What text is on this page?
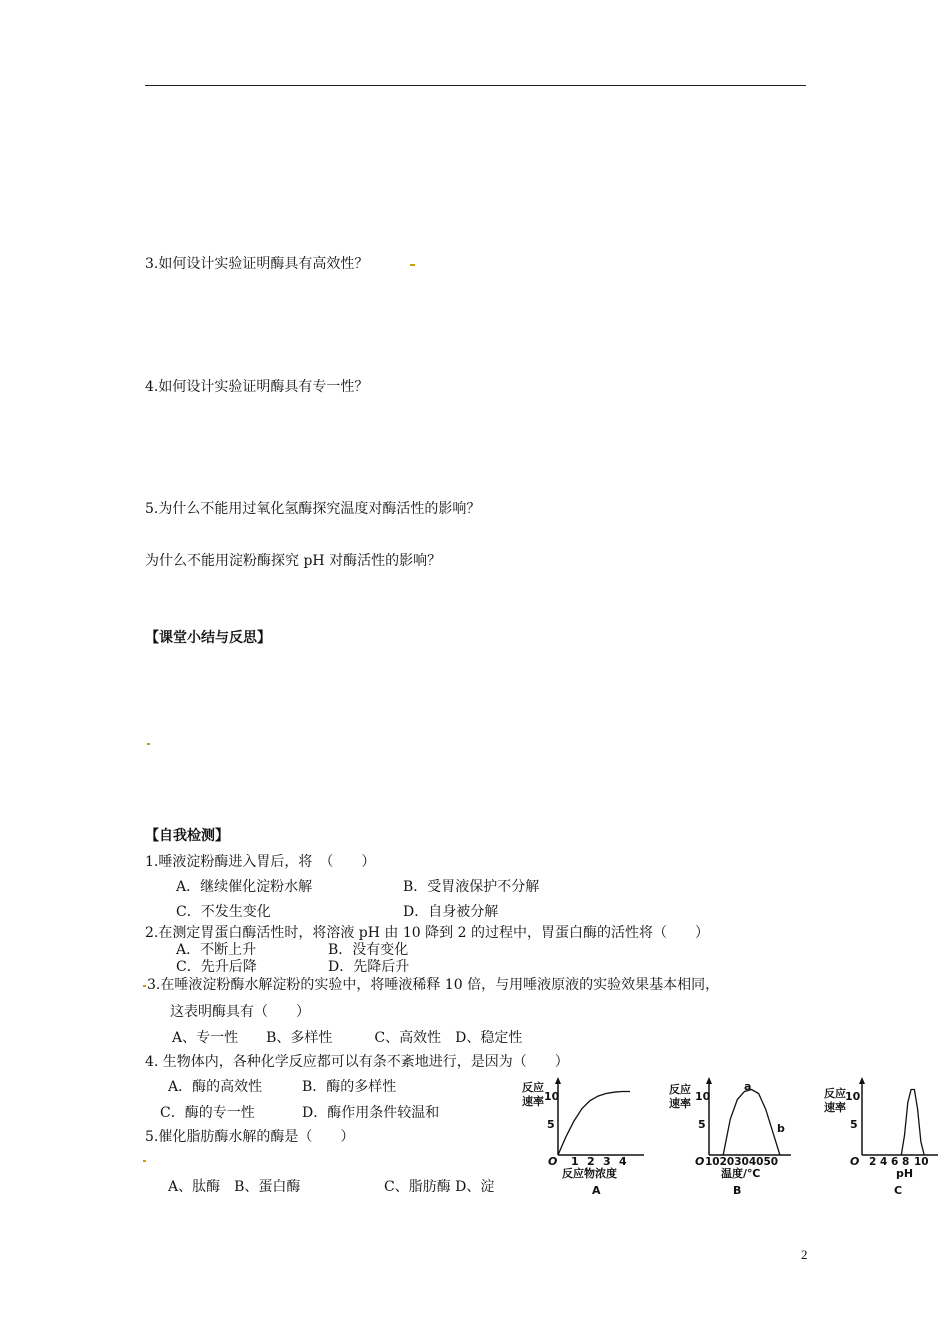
3.如何设计实验证明酶具有高效性？
4.如何设计实验证明酶具有专一性？
5.为什么不能用过氧化氢酶探究温度对酶活性的影响？
为什么不能用淀粉酶探究 pH 对酶活性的影响？
【课堂小结与反思】
【自我检测】
1.唾液淀粉酶进入胃后，将　（　　）
A．继续催化淀粉水解	B．受胃液保护不分解
C．不发生变化	D．自身被分解
2.在测定胃蛋白酶活性时，将溶液 pH 由 10 降到 2 的过程中，胃蛋白酶的活性将（　　）
A．不断上升	B．没有变化
C．先升后降	D．先降后升
3.在唾液淀粉酶水解淀粉的实验中，将唾液稀释 10 倍，与用唾液原液的实验效果基本相同，
这表明酶具有（　　）
A、专一性　　B、多样性　　　C、高效性　D、稳定性
4. 生物体内，各种化学反应都可以有条不紊地进行，是因为（　　）
A．酶的高效性	B．酶的多样性
C．酶的专一性	D．酶作用条件较温和
5.催化脂肪酶水解的酶是（　　）
A、肽酶　B、蛋白酶	C、脂肪酶 D、淀
反应
速率 10
5
O 1 2 3 4
反应物浓度
A
反应
速率
10
5
O 1020304050
a
b
温度/℃
B
反应
速率
10
5
O 2 4 6 8 10
pH
C
2
